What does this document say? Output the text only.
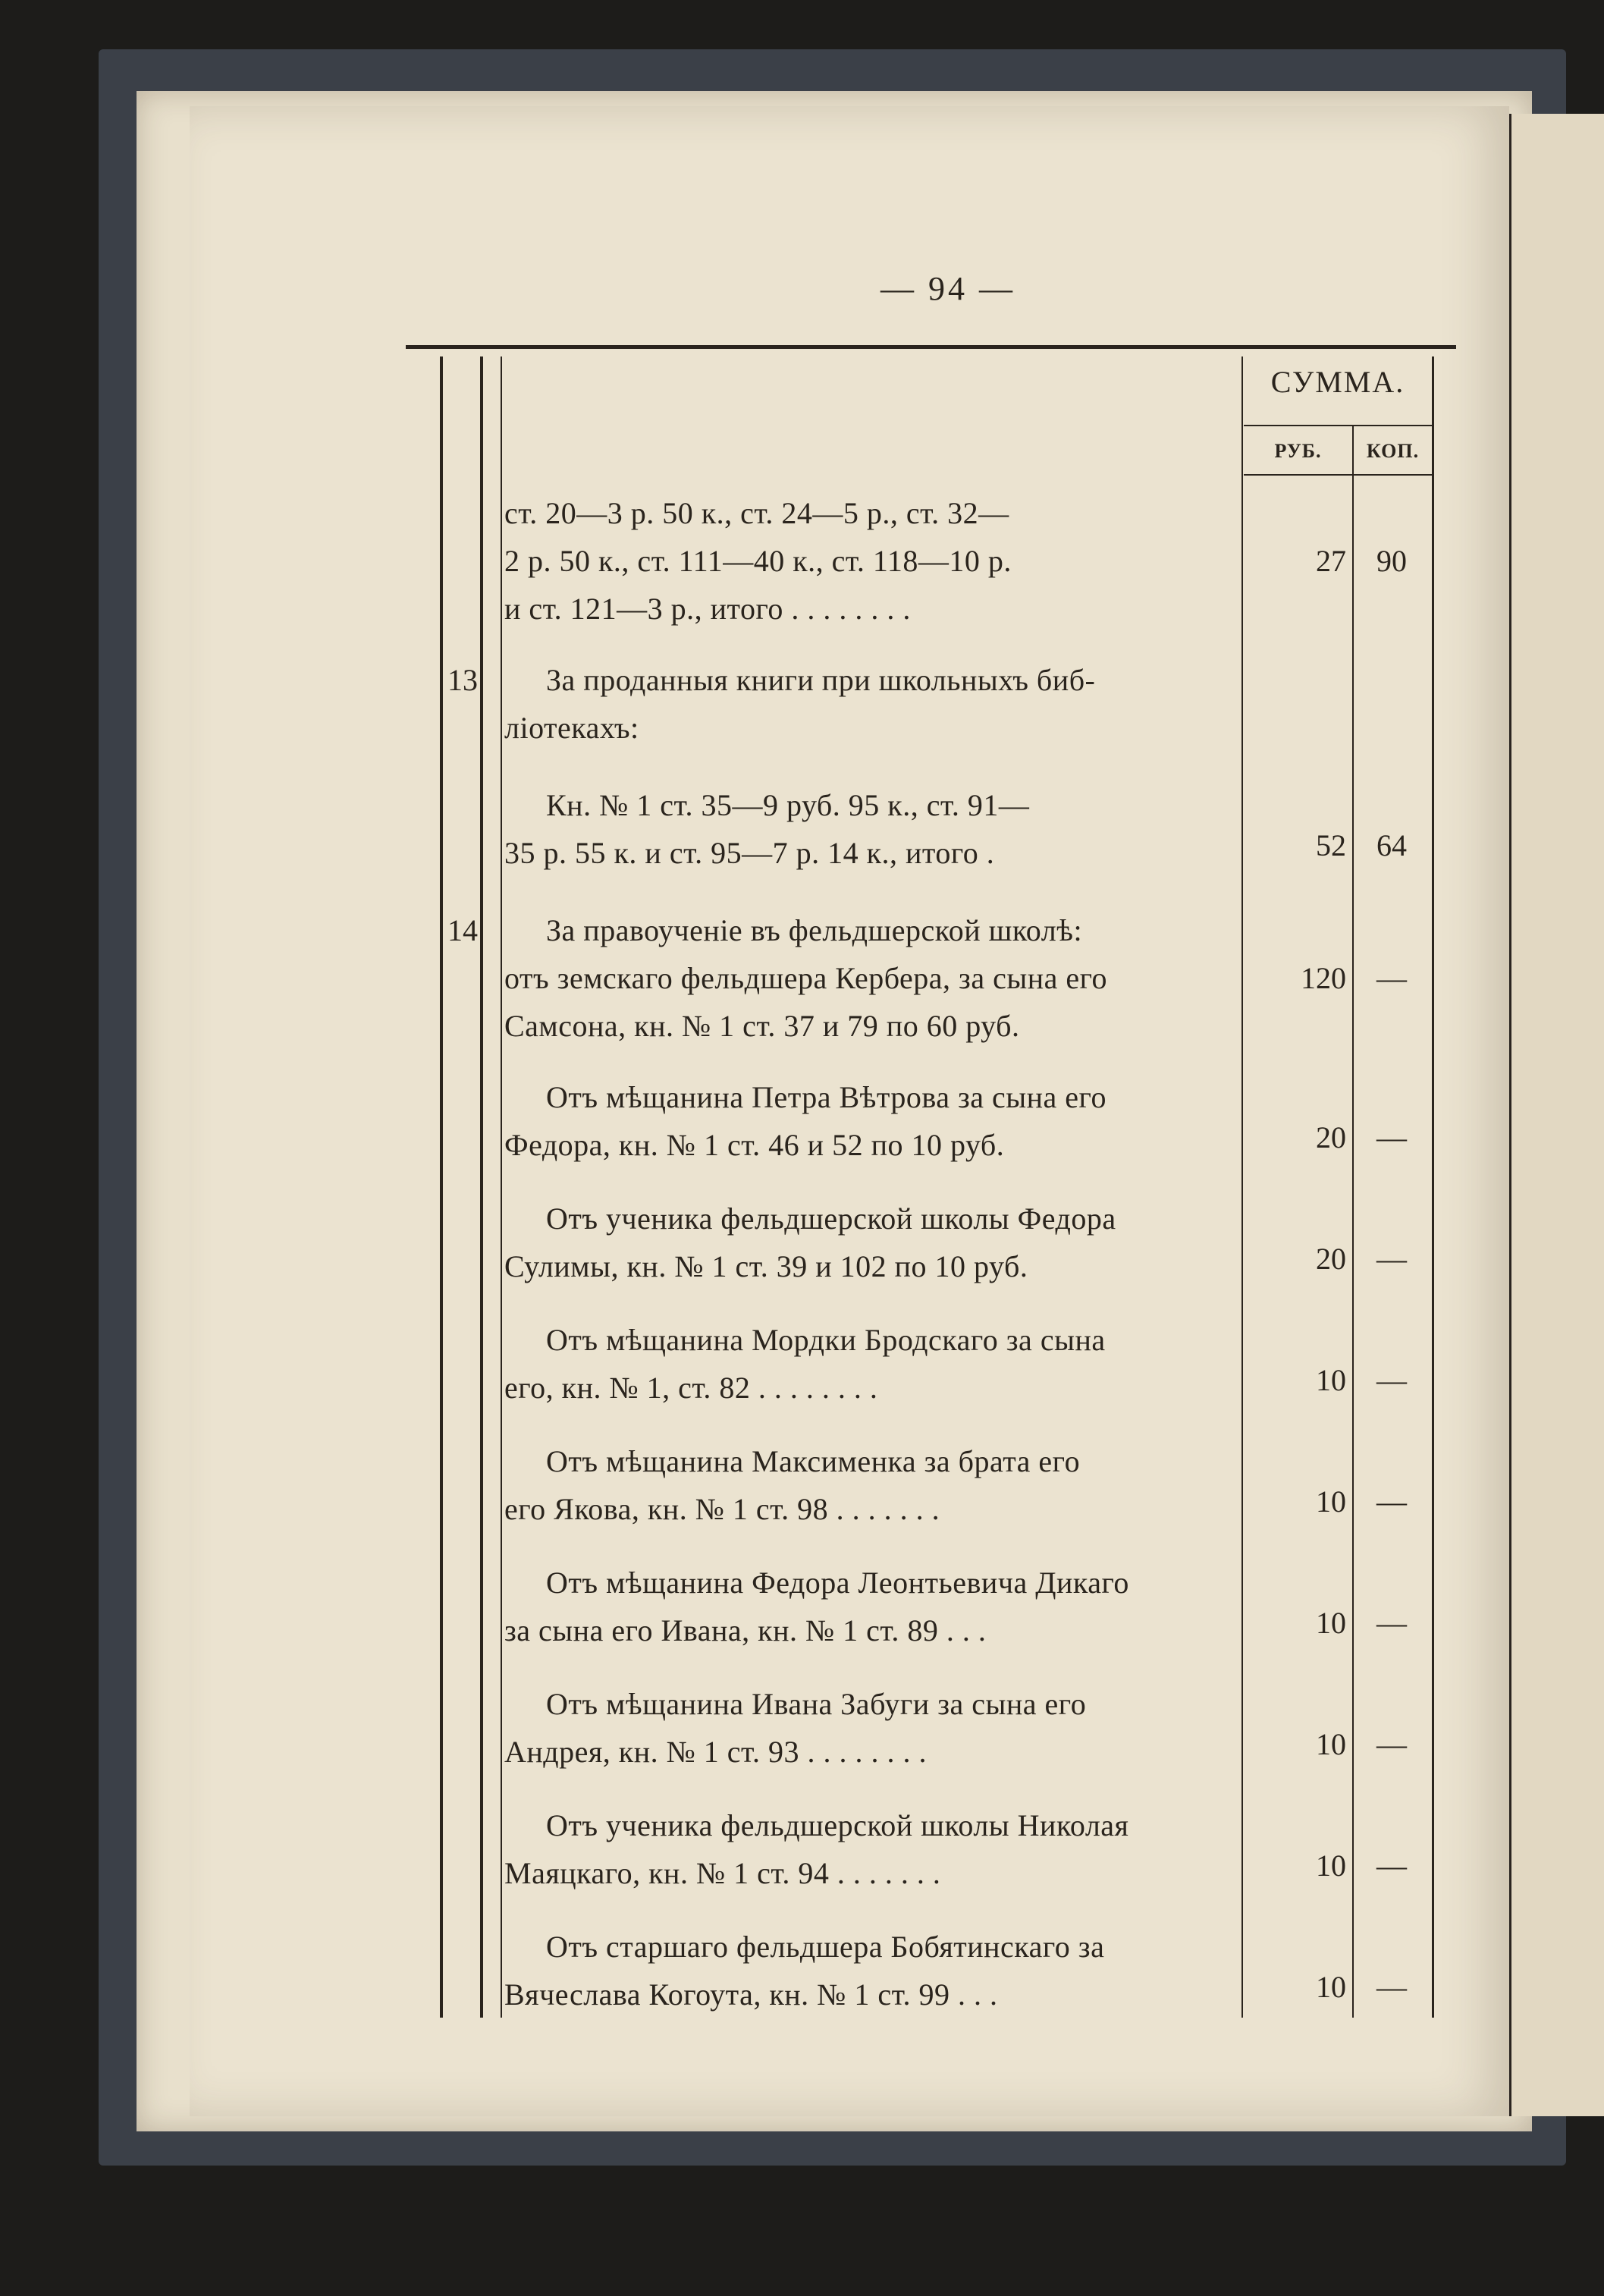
— 94 —
СУММА.
РУБ.	КОП.
ст. 20—3 р. 50 к., ст. 24—5 р., ст. 32—
2 р. 50 к., ст. 111—40 к., ст. 118—10 р.
и ст. 121—3 р., итого . . . . . . . .
27	90
13 За проданныя книги при школьныхъ биб-
ліотекахъ:
Кн. № 1 ст. 35—9 руб. 95 к., ст. 91—
35 р. 55 к. и ст. 95—7 р. 14 к., итого .	52	64
14 За правоученіе въ фельдшерской школѣ:
отъ земскаго фельдшера Кербера, за сына его
Самсона, кн. № 1 ст. 37 и 79 по 60 руб.
120	—
Отъ мѣщанина Петра Вѣтрова за сына его
Федора, кн. № 1 ст. 46 и 52 по 10 руб.	20	—
Отъ ученика фельдшерской школы Федора
Сулимы, кн. № 1 ст. 39 и 102 по 10 руб.	20	—
Отъ мѣщанина Мордки Бродскаго за сына
его, кн. № 1, ст. 82 . . . . . . . .	10	—
Отъ мѣщанина Максименка за брата его
его Якова, кн. № 1 ст. 98 . . . . . . .	10	—
Отъ мѣщанина Федора Леонтьевича Дикаго
за сына его Ивана, кн. № 1 ст. 89 . . .	10	—
Отъ мѣщанина Ивана Забуги за сына его
Андрея, кн. № 1 ст. 93 . . . . . . . .	10	—
Отъ ученика фельдшерской школы Николая
Маяцкаго, кн. № 1 ст. 94 . . . . . . .	10	—
Отъ старшаго фельдшера Бобятинскаго за
Вячеслава Когоута, кн. № 1 ст. 99 . . .	10	—
